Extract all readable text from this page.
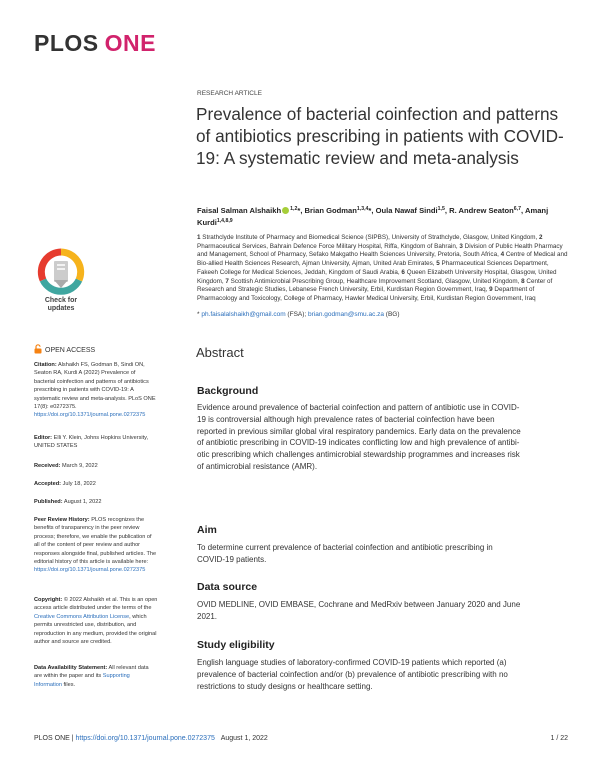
PLOS ONE
RESEARCH ARTICLE
Prevalence of bacterial coinfection and patterns of antibiotics prescribing in patients with COVID-19: A systematic review and meta-analysis
Faisal Salman Alshaikh $^{1,2}$*, Brian Godman$^{1,3,4}$*, Oula Nawaf Sindi$^{1,5}$, R. Andrew Seaton$^{6,7}$, Amanj Kurdi$^{1,4,8,9}$
1 Strathclyde Institute of Pharmacy and Biomedical Science (SIPBS), University of Strathclyde, Glasgow, United Kingdom, 2 Pharmaceutical Services, Bahrain Defence Force Military Hospital, Riffa, Kingdom of Bahrain, 3 Division of Public Health Pharmacy and Management, School of Pharmacy, Sefako Makgatho Health Sciences University, Pretoria, South Africa, 4 Centre of Medical and Bio-allied Health Sciences Research, Ajman University, Ajman, United Arab Emirates, 5 Pharmaceutical Sciences Department, Fakeeh College for Medical Sciences, Jeddah, Kingdom of Saudi Arabia, 6 Queen Elizabeth University Hospital, Glasgow, United Kingdom, 7 Scottish Antimicrobial Prescribing Group, Healthcare Improvement Scotland, Glasgow, United Kingdom, 8 Center of Research and Strategic Studies, Lebanese French University, Erbil, Kurdistan Region Government, Iraq, 9 Department of Pharmacology and Toxicology, College of Pharmacy, Hawler Medical University, Erbil, Kurdistan Region Government, Iraq
* ph.faisalalshaikh@gmail.com (FSA); brian.godman@smu.ac.za (BG)
Check for
updates
OPEN ACCESS
Citation: Alshaikh FS, Godman B, Sindi ON, Seaton RA, Kurdi A (2022) Prevalence of bacterial coinfection and patterns of antibiotics prescribing in patients with COVID-19: A systematic review and meta-analysis. PLoS ONE 17(8): e0272375. https://doi.org/10.1371/journal.pone.0272375
Editor: Elli Y. Klein, Johns Hopkins University, UNITED STATES
Received: March 9, 2022
Accepted: July 18, 2022
Published: August 1, 2022
Peer Review History: PLOS recognizes the benefits of transparency in the peer review process; therefore, we enable the publication of all of the content of peer review and author responses alongside final, published articles. The editorial history of this article is available here: https://doi.org/10.1371/journal.pone.0272375
Copyright: © 2022 Alshaikh et al. This is an open access article distributed under the terms of the Creative Commons Attribution License, which permits unrestricted use, distribution, and reproduction in any medium, provided the original author and source are credited.
Data Availability Statement: All relevant data are within the paper and its Supporting Information files.
Abstract
Background

Evidence around prevalence of bacterial coinfection and pattern of antibiotic use in COVID-
19 is controversial although high prevalence rates of bacterial coinfection have been
reported in previous similar global viral respiratory pandemics. Early data on the prevalence
of antibiotic prescribing in COVID-19 indicates conflicting low and high prevalence of antibi-
otic prescribing which challenges antimicrobial stewardship programmes and increases risk
of antimicrobial resistance (AMR).

Aim

To determine current prevalence of bacterial coinfection and antibiotic prescribing in
COVID-19 patients.

Data source

OVID MEDLINE, OVID EMBASE, Cochrane and MedRxiv between January 2020 and June
2021.

Study eligibility

English language studies of laboratory-confirmed COVID-19 patients which reported (a)
prevalence of bacterial coinfection and/or (b) prevalence of antibiotic prescribing with no
restrictions to study designs or healthcare setting.

PLOS ONE | https://doi.org/10.1371/journal.pone.0272375 August 1, 2022	1 / 22
